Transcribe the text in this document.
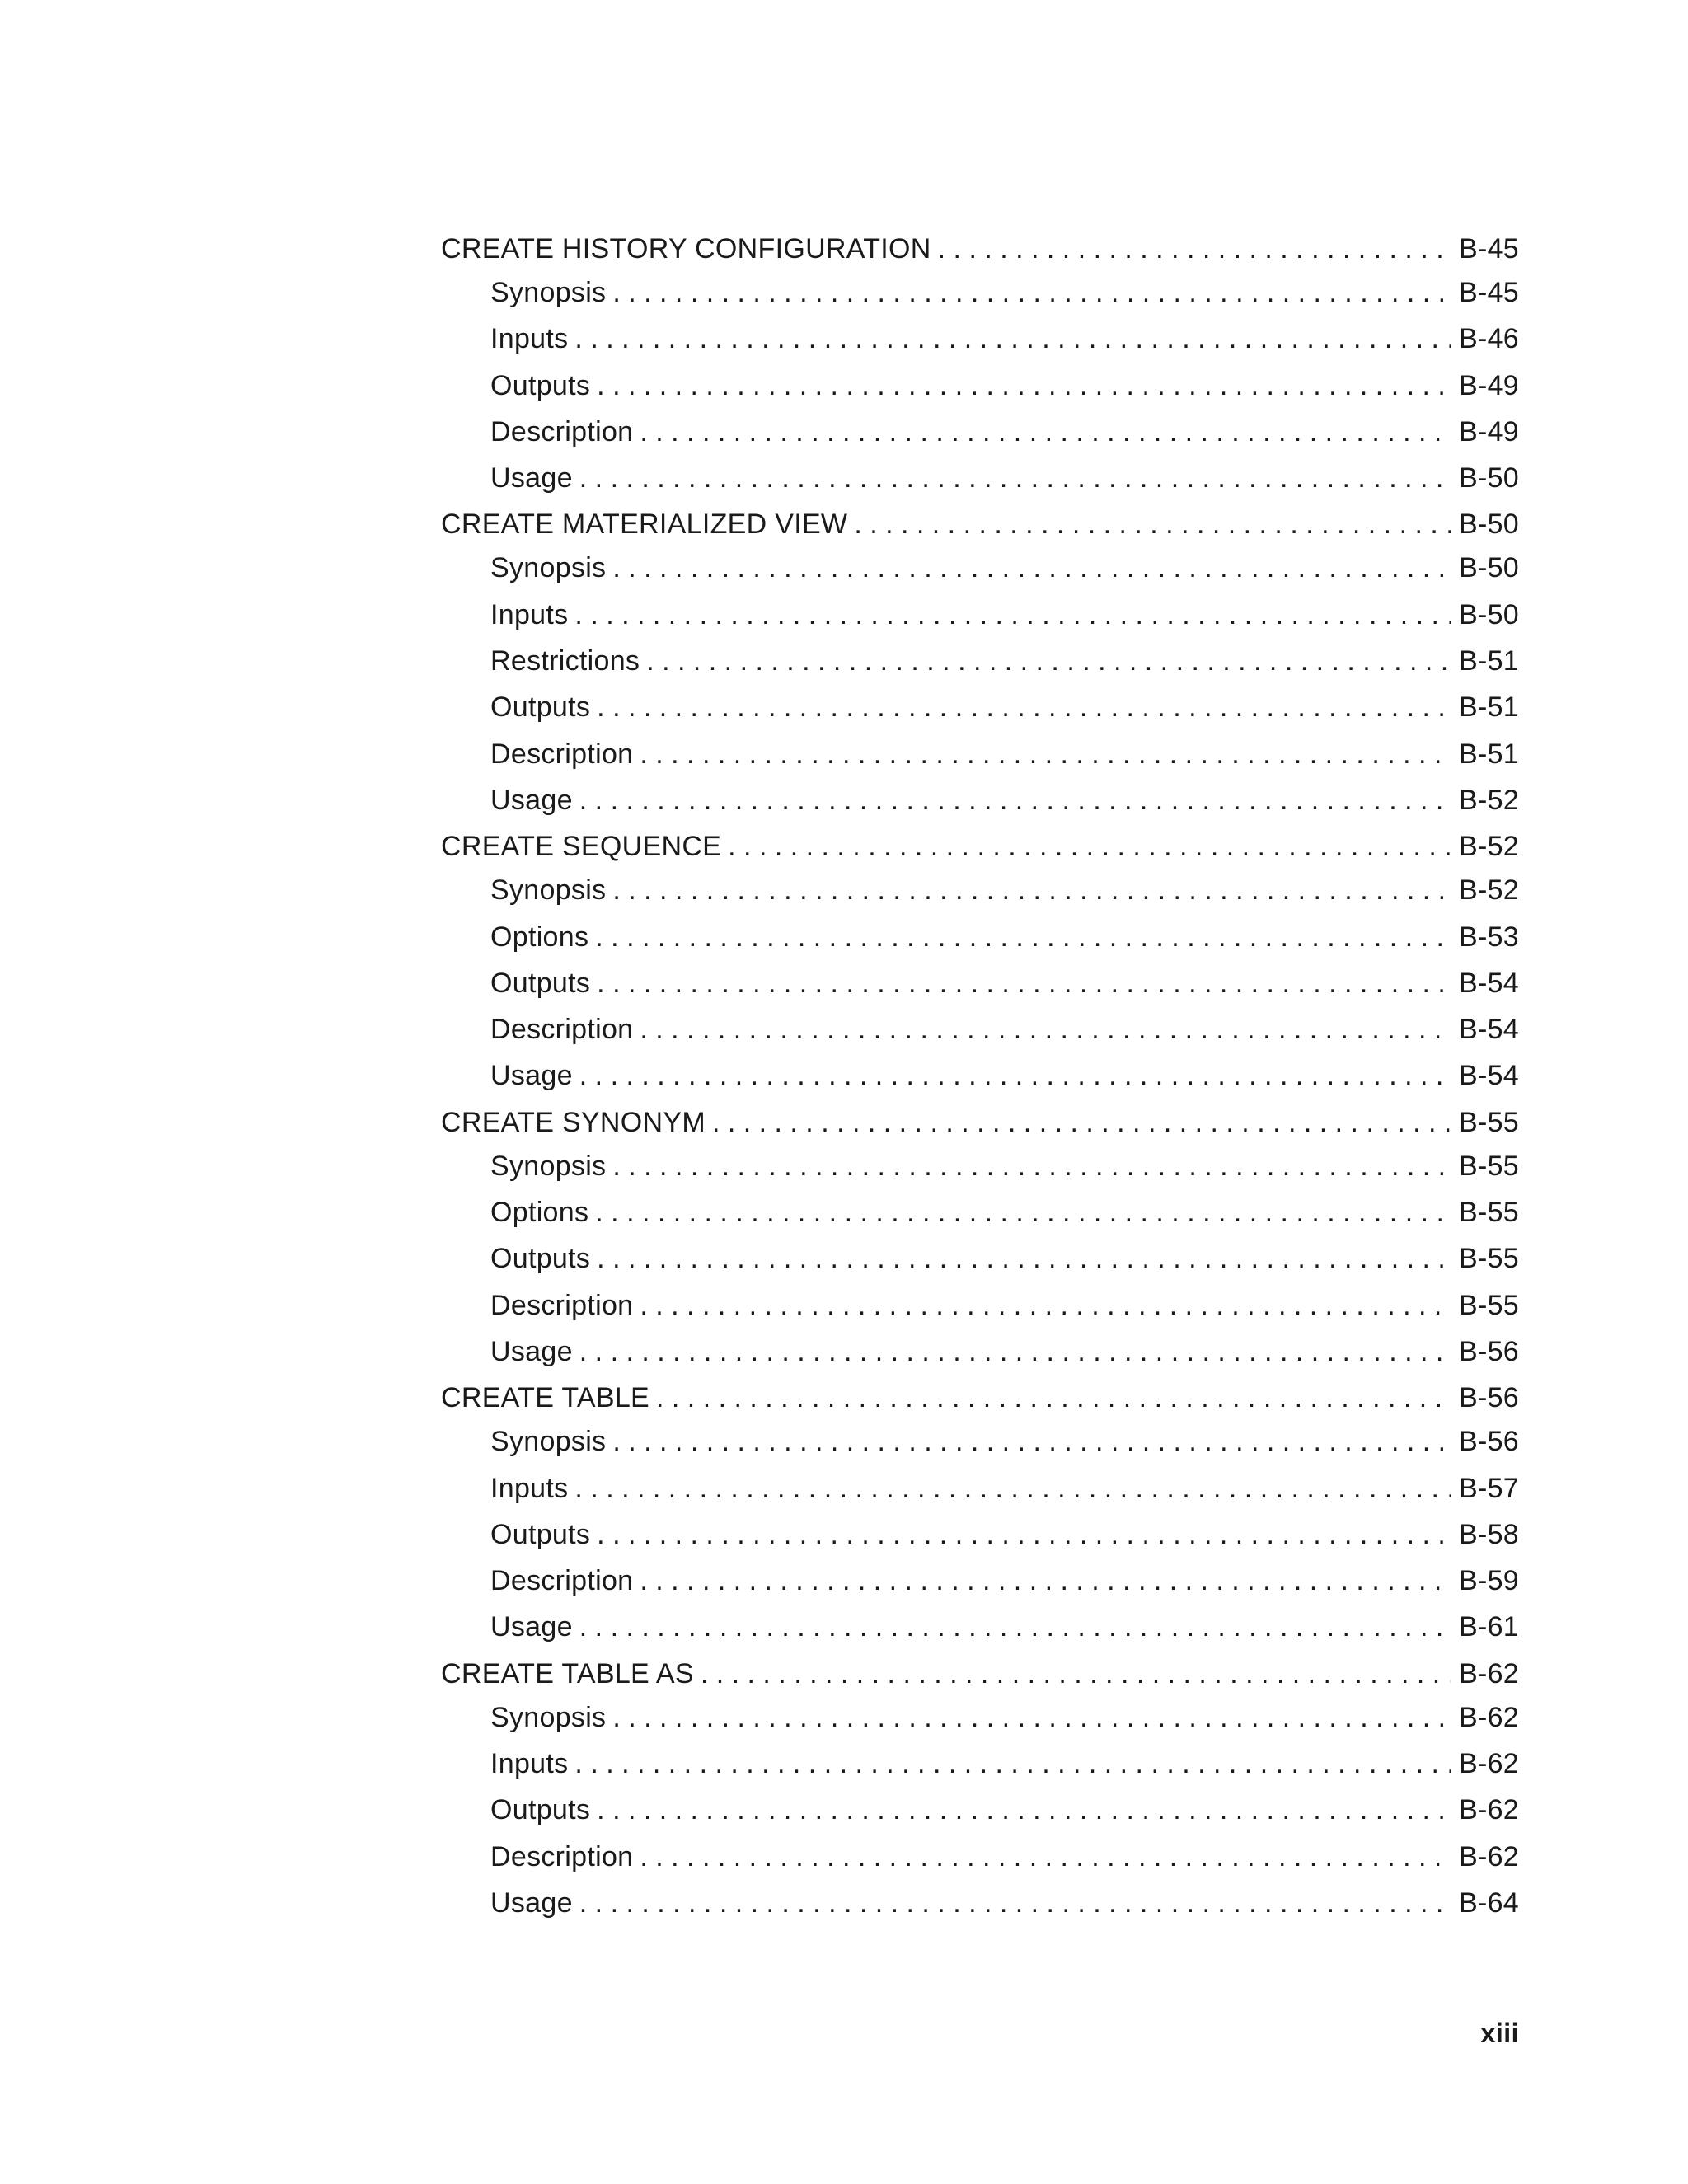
CREATE HISTORY CONFIGURATION . . .	B-45
Synopsis . . .	B-45
Inputs . . .	B-46
Outputs . . .	B-49
Description . . .	B-49
Usage . . .	B-50
CREATE MATERIALIZED VIEW . . .	B-50
Synopsis . . .	B-50
Inputs . . .	B-50
Restrictions . . .	B-51
Outputs . . .	B-51
Description . . .	B-51
Usage . . .	B-52
CREATE SEQUENCE . . .	B-52
Synopsis . . .	B-52
Options . . .	B-53
Outputs . . .	B-54
Description . . .	B-54
Usage . . .	B-54
CREATE SYNONYM . . .	B-55
Synopsis . . .	B-55
Options . . .	B-55
Outputs . . .	B-55
Description . . .	B-55
Usage . . .	B-56
CREATE TABLE . . .	B-56
Synopsis . . .	B-56
Inputs . . .	B-57
Outputs . . .	B-58
Description . . .	B-59
Usage . . .	B-61
CREATE TABLE AS . . .	B-62
Synopsis . . .	B-62
Inputs . . .	B-62
Outputs . . .	B-62
Description . . .	B-62
Usage . . .	B-64
xiii
